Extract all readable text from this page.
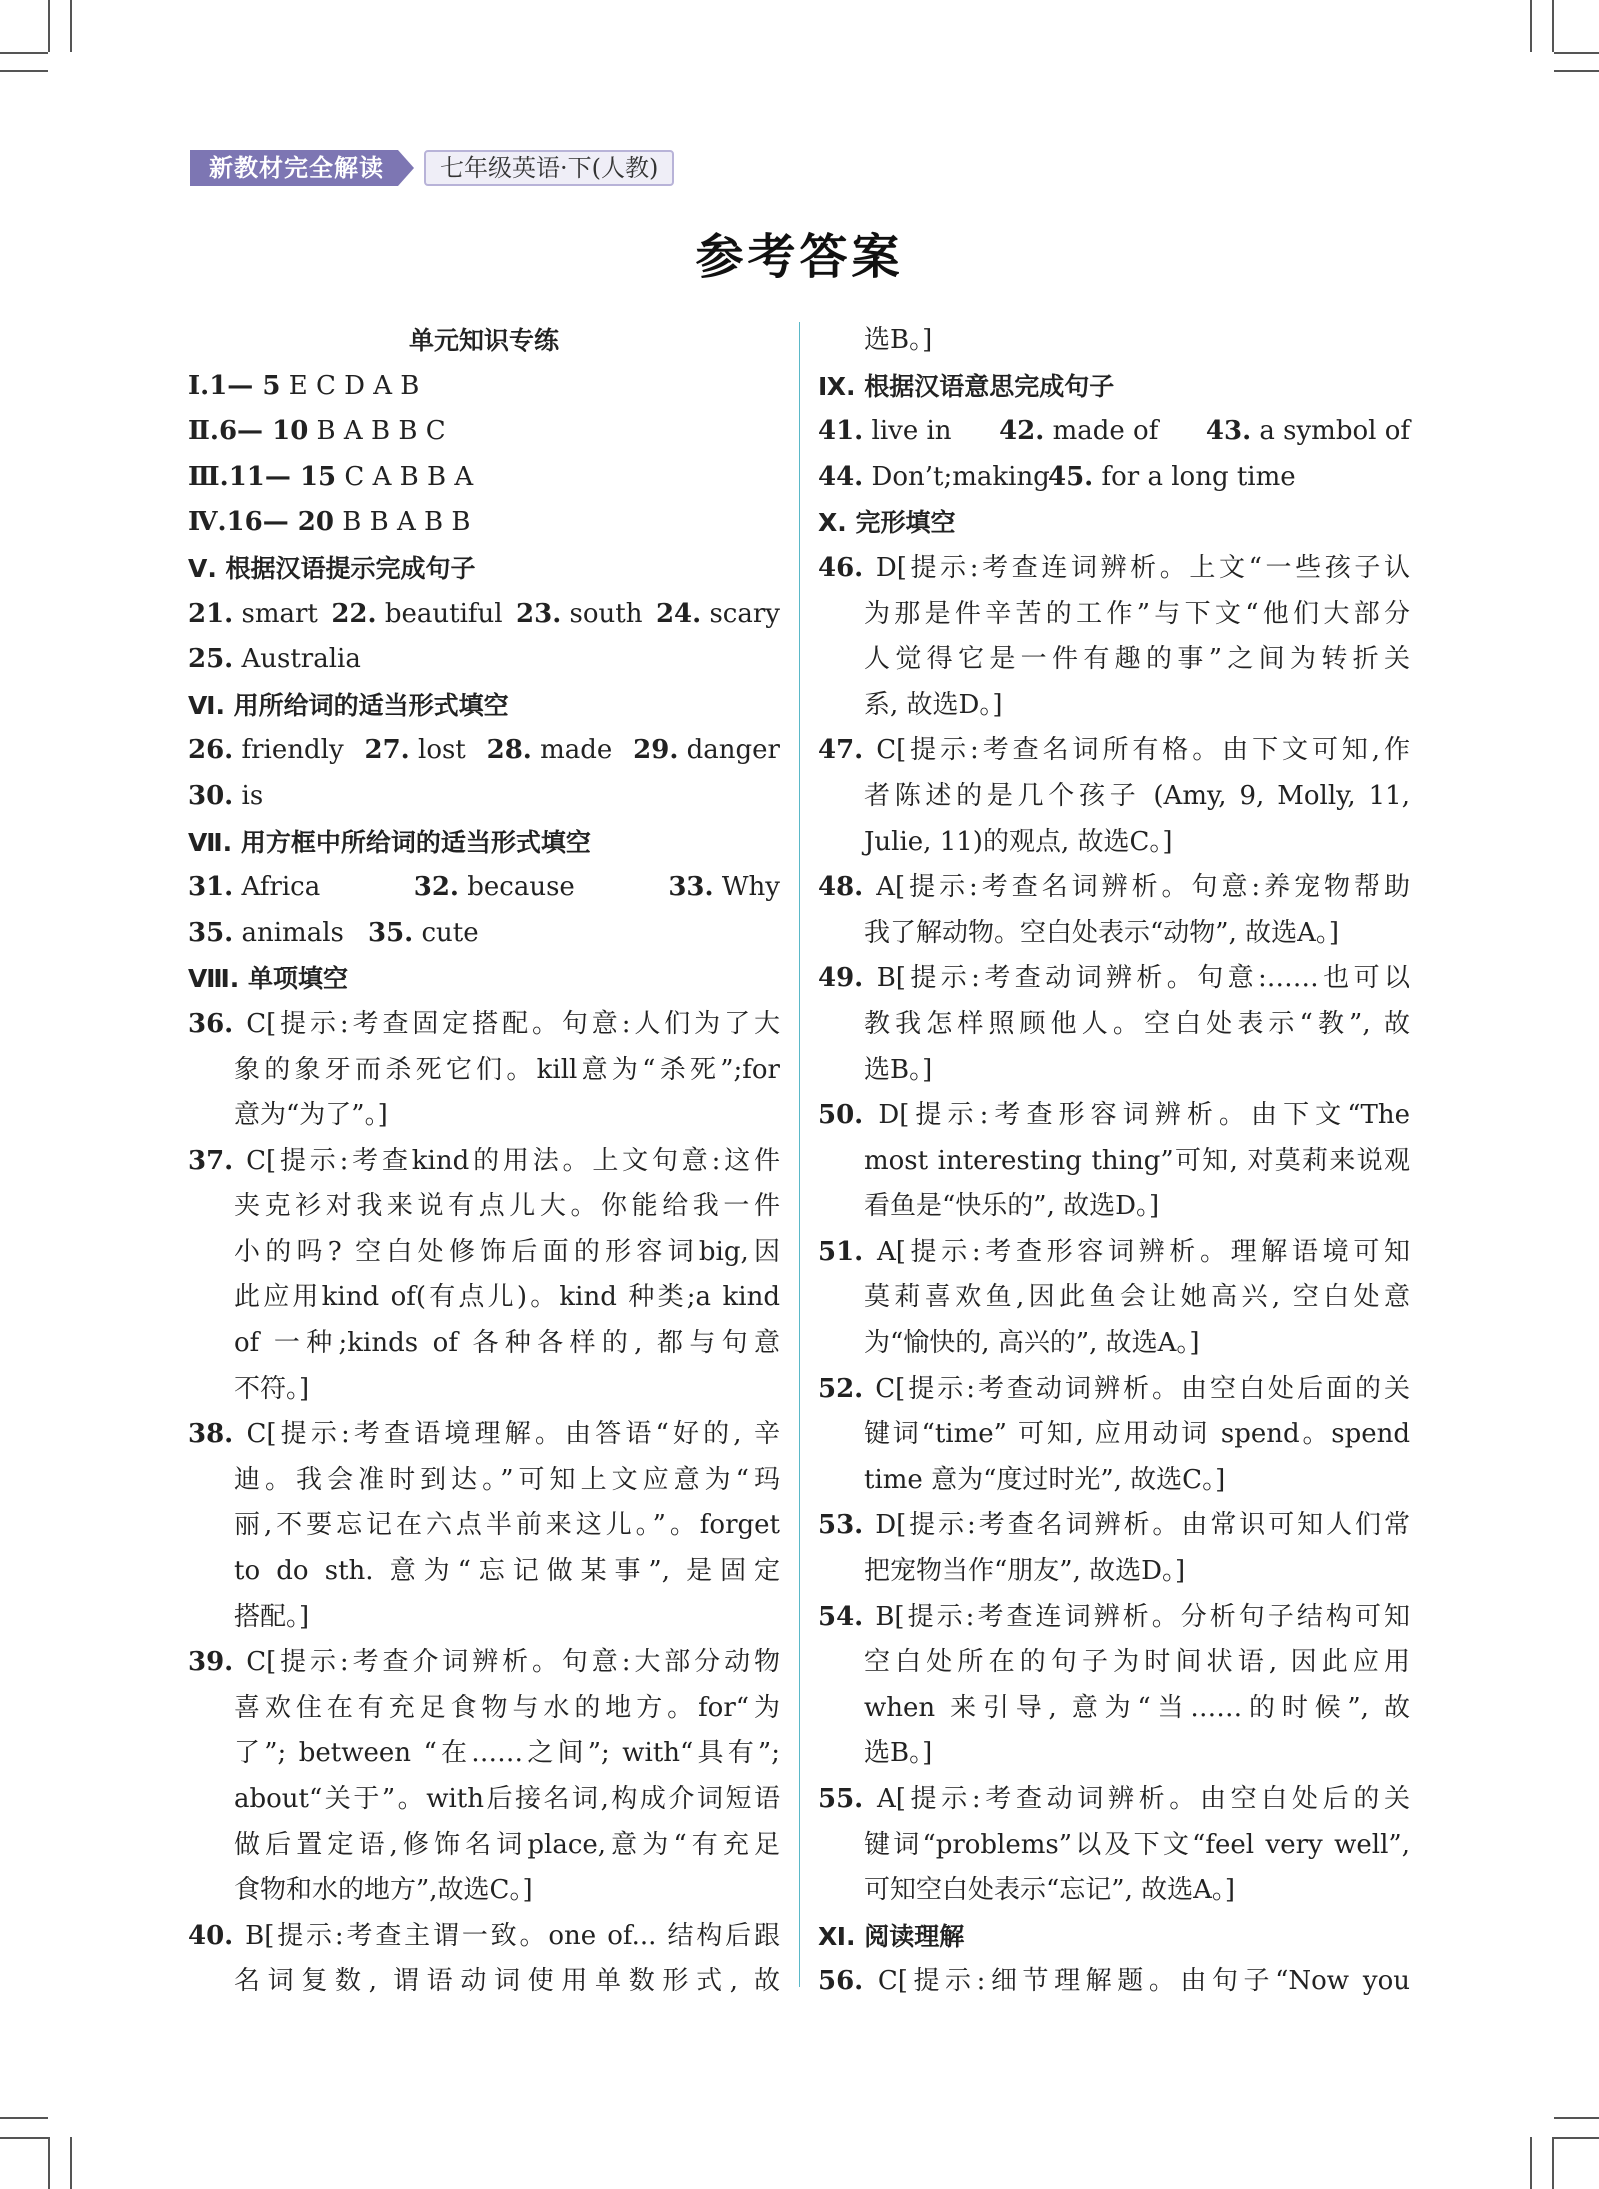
新教材完全解读	七年级英语·下(人教)
参考答案
单元知识专练
Ⅰ.1— 5 E C D A B
Ⅱ.6— 10 B A B B C
Ⅲ.11— 15 C A B B A
Ⅳ.16— 20 B B A B B
Ⅴ. 根据汉语提示完成句子
21. smart 22. beautiful 23. south 24. scary
25. Australia
Ⅵ. 用所给词的适当形式填空
26. friendly 27. lost 28. made 29. danger
30. is
Ⅶ. 用方框中所给词的适当形式填空
31. Africa	32. because	33. Why
35. animals 35. cute
Ⅷ. 单项填空
36. C[提示:考查固定搭配。句意:人们为了大
象的象牙而杀死它们。kill意为“杀死”;for
意为“为了”。]
37. C[提示:考查kind的用法。上文句意:这件
夹克衫对我来说有点儿大。你能给我一件
小的吗? 空白处修饰后面的形容词big,因
此应用kind of(有点儿)。kind 种类;a kind
of 一种;kinds of 各种各样的, 都与句意
不符。]
38. C[提示:考查语境理解。由答语“好的, 辛
迪。我会准时到达。”可知上文应意为“玛
丽,不要忘记在六点半前来这儿。”。forget
to do sth. 意为“忘记做某事”, 是固定
搭配。]
39. C[提示:考查介词辨析。句意:大部分动物
喜欢住在有充足食物与水的地方。for“为
了”; between “在……之间”; with“具有”;
about“关于”。with后接名词,构成介词短语
做后置定语,修饰名词place,意为“有充足
食物和水的地方”,故选C。]
40. B[提示:考查主谓一致。one of... 结构后跟
名词复数, 谓语动词使用单数形式, 故
选B。]
Ⅸ. 根据汉语意思完成句子
41. live in 42. made of 43. a symbol of
44. Don’t;making45. for a long time
Ⅹ. 完形填空
46. D[提示:考查连词辨析。上文“一些孩子认
为那是件辛苦的工作”与下文“他们大部分
人觉得它是一件有趣的事”之间为转折关
系, 故选D。]
47. C[提示:考查名词所有格。由下文可知,作
者陈述的是几个孩子 (Amy, 9, Molly, 11,
Julie, 11)的观点, 故选C。]
48. A[提示:考查名词辨析。句意:养宠物帮助
我了解动物。空白处表示“动物”, 故选A。]
49. B[提示:考查动词辨析。句意:……也可以
教我怎样照顾他人。空白处表示“教”, 故
选B。]
50. D[提示:考查形容词辨析。由下文“The
most interesting thing”可知, 对莫莉来说观
看鱼是“快乐的”, 故选D。]
51. A[提示:考查形容词辨析。理解语境可知
莫莉喜欢鱼,因此鱼会让她高兴, 空白处意
为“愉快的, 高兴的”, 故选A。]
52. C[提示:考查动词辨析。由空白处后面的关
键词“time” 可知, 应用动词 spend。spend
time 意为“度过时光”, 故选C。]
53. D[提示:考查名词辨析。由常识可知人们常
把宠物当作“朋友”, 故选D。]
54. B[提示:考查连词辨析。分析句子结构可知
空白处所在的句子为时间状语, 因此应用
when 来引导, 意为“当……的时候”, 故
选B。]
55. A[提示:考查动词辨析。由空白处后的关
键词“problems”以及下文“feel very well”,
可知空白处表示“忘记”, 故选A。]
Ⅺ. 阅读理解
56. C[提示:细节理解题。由句子“Now you
